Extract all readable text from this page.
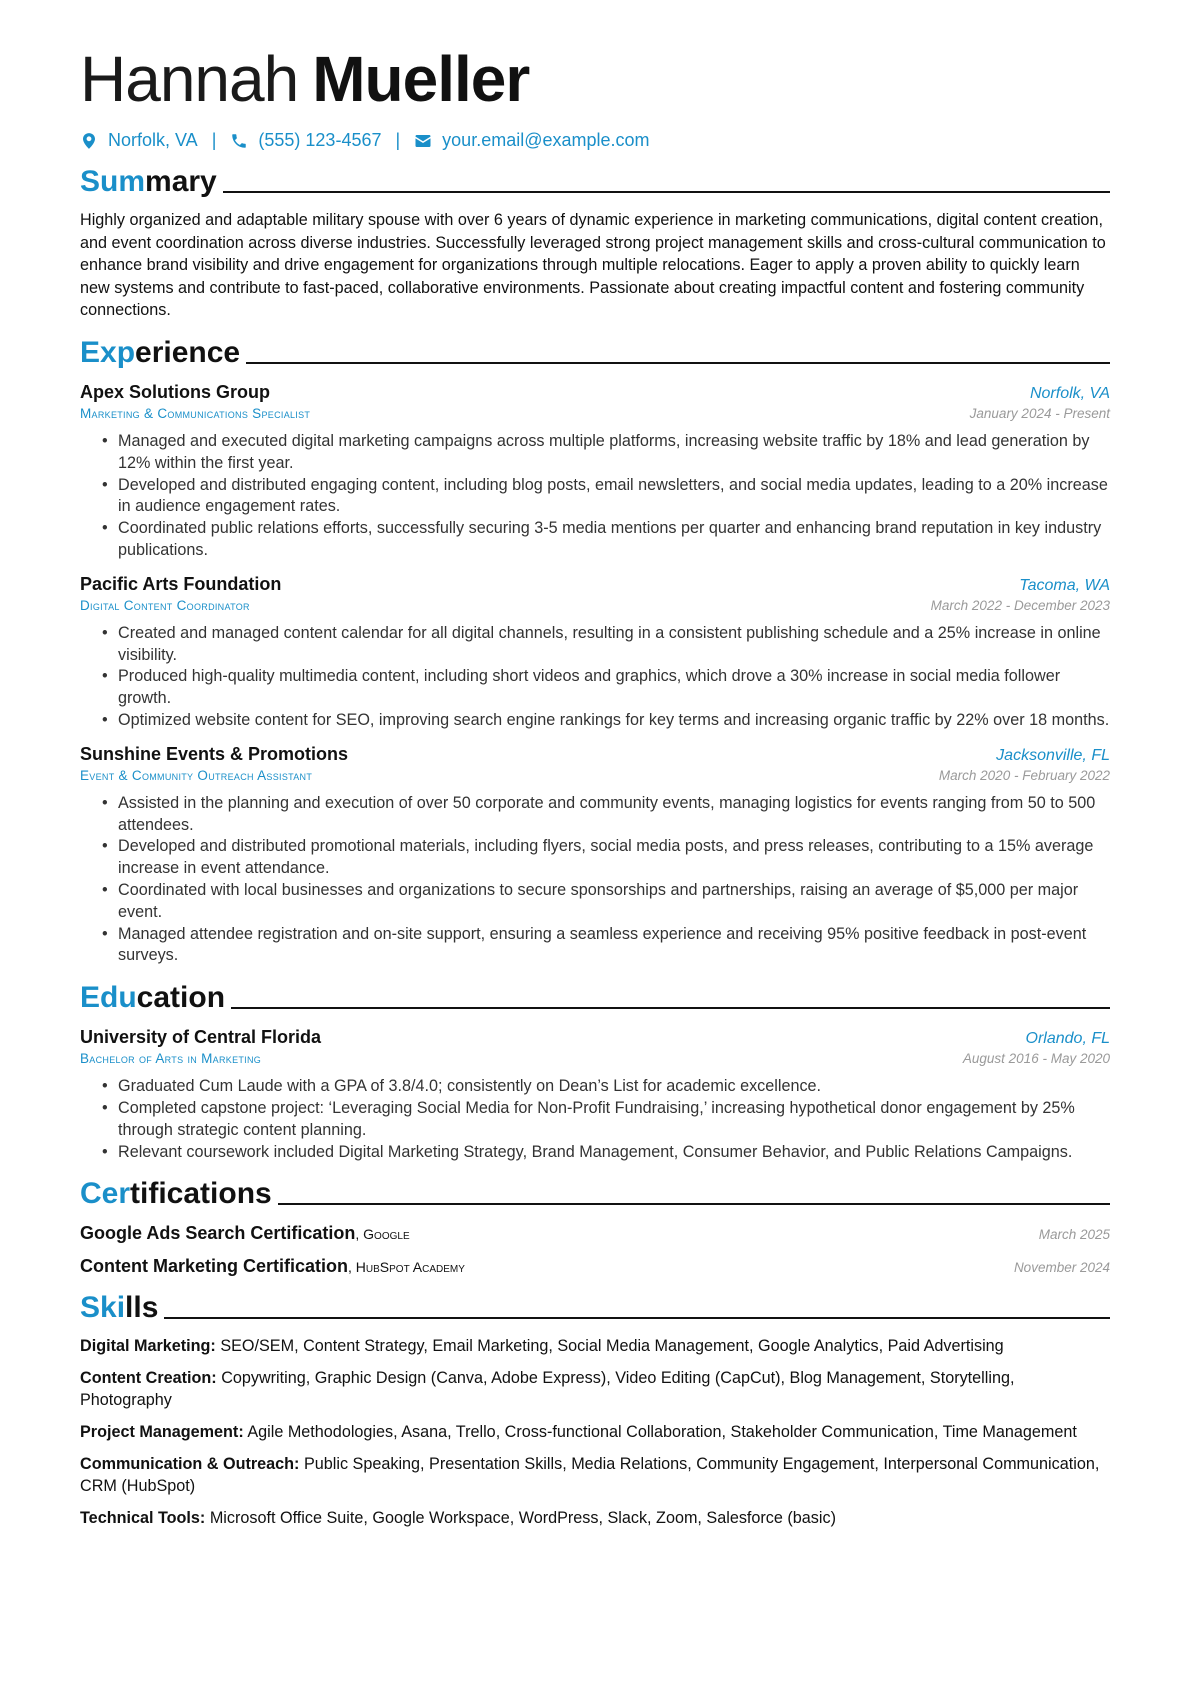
Hannah Mueller
Norfolk, VA | (555) 123-4567 | your.email@example.com
Summary

Highly organized and adaptable military spouse with over 6 years of dynamic experience in marketing communications, digital content creation, and event coordination across diverse industries. Successfully leveraged strong project management skills and cross-cultural communication to enhance brand visibility and drive engagement for organizations through multiple relocations. Eager to apply a proven ability to quickly learn new systems and contribute to fast-paced, collaborative environments. Passionate about creating impactful content and fostering community connections.

Experience
Apex Solutions Group	Norfolk, VA
Marketing & Communications Specialist	January 2024 - Present
• Managed and executed digital marketing campaigns across multiple platforms, increasing website traffic by 18% and lead generation by 12% within the first year.
• Developed and distributed engaging content, including blog posts, email newsletters, and social media updates, leading to a 20% increase in audience engagement rates.
• Coordinated public relations efforts, successfully securing 3-5 media mentions per quarter and enhancing brand reputation in key industry publications.
Pacific Arts Foundation	Tacoma, WA
Digital Content Coordinator	March 2022 - December 2023
• Created and managed content calendar for all digital channels, resulting in a consistent publishing schedule and a 25% increase in online visibility.
• Produced high-quality multimedia content, including short videos and graphics, which drove a 30% increase in social media follower growth.
• Optimized website content for SEO, improving search engine rankings for key terms and increasing organic traffic by 22% over 18 months.
Sunshine Events & Promotions	Jacksonville, FL
Event & Community Outreach Assistant	March 2020 - February 2022
• Assisted in the planning and execution of over 50 corporate and community events, managing logistics for events ranging from 50 to 500 attendees.
• Developed and distributed promotional materials, including flyers, social media posts, and press releases, contributing to a 15% average increase in event attendance.
• Coordinated with local businesses and organizations to secure sponsorships and partnerships, raising an average of $5,000 per major event.
• Managed attendee registration and on-site support, ensuring a seamless experience and receiving 95% positive feedback in post-event surveys.
Education
University of Central Florida	Orlando, FL
Bachelor of Arts in Marketing	August 2016 - May 2020
• Graduated Cum Laude with a GPA of 3.8/4.0; consistently on Dean’s List for academic excellence.
• Completed capstone project: ‘Leveraging Social Media for Non-Profit Fundraising,’ increasing hypothetical donor engagement by 25% through strategic content planning.
• Relevant coursework included Digital Marketing Strategy, Brand Management, Consumer Behavior, and Public Relations Campaigns.
Certifications
Google Ads Search Certification, Google	March 2025
Content Marketing Certification, HubSpot Academy	November 2024
Skills
Digital Marketing: SEO/SEM, Content Strategy, Email Marketing, Social Media Management, Google Analytics, Paid Advertising
Content Creation: Copywriting, Graphic Design (Canva, Adobe Express), Video Editing (CapCut), Blog Management, Storytelling, Photography
Project Management: Agile Methodologies, Asana, Trello, Cross-functional Collaboration, Stakeholder Communication, Time Management
Communication & Outreach: Public Speaking, Presentation Skills, Media Relations, Community Engagement, Interpersonal Communication, CRM (HubSpot)
Technical Tools: Microsoft Office Suite, Google Workspace, WordPress, Slack, Zoom, Salesforce (basic)
